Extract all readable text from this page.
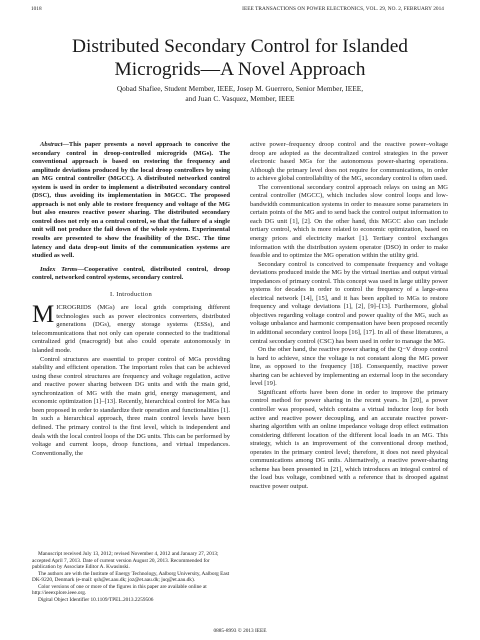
1018	IEEE TRANSACTIONS ON POWER ELECTRONICS, VOL. 29, NO. 2, FEBRUARY 2014
Distributed Secondary Control for Islanded
Microgrids—A Novel Approach
Qobad Shafiee, Student Member, IEEE, Josep M. Guerrero, Senior Member, IEEE,
and Juan C. Vasquez, Member, IEEE

Abstract—This paper presents a novel approach to conceive the secondary control in droop-controlled microgrids (MGs). The conventional approach is based on restoring the frequency and amplitude deviations produced by the local droop controllers by using an MG central controller (MGCC). A distributed networked control system is used in order to implement a distributed secondary control (DSC), thus avoiding its implementation in MGCC. The proposed approach is not only able to restore frequency and voltage of the MG but also ensures reactive power sharing. The distributed secondary control does not rely on a central control, so that the failure of a single unit will not produce the fail down of the whole system. Experimental results are presented to show the feasibility of the DSC. The time latency and data drop-out limits of the communication systems are studied as well.

Index Terms—Cooperative control, distributed control, droop control, networked control systems, secondary control.

I. Introduction

MICROGRIDS (MGs) are local grids comprising different technologies such as power electronics converters, distributed generations (DGs), energy storage systems (ESSs), and telecommunications that not only can operate connected to the traditional centralized grid (macrogrid) but also could operate autonomously in islanded mode.

Control structures are essential to proper control of MGs providing stability and efficient operation. The important roles that can be achieved using these control structures are frequency and voltage regulation, active and reactive power sharing between DG units and with the main grid, synchronization of MG with the main grid, energy management, and economic optimization [1]–[13]. Recently, hierarchical control for MGs has been proposed in order to standardize their operation and functionalities [1]. In such a hierarchical approach, three main control levels have been defined. The primary control is the first level, which is independent and deals with the local control loops of the DG units. This can be performed by voltage and current loops, droop functions, and virtual impedances. Conventionally, the

active power–frequency droop control and the reactive power–voltage droop are adopted as the decentralized control strategies in the power electronic based MGs for the autonomous power-sharing operations. Although the primary level does not require for communications, in order to achieve global controllability of the MG, secondary control is often used.

The conventional secondary control approach relays on using an MG central controller (MGCC), which includes slow control loops and low-bandwidth communication systems in order to measure some parameters in certain points of the MG and to send back the control output information to each DG unit [1], [2]. On the other hand, this MGCC also can include tertiary control, which is more related to economic optimization, based on energy prices and electricity market [1]. Tertiary control exchanges information with the distribution system operator (DSO) in order to make feasible and to optimize the MG operation within the utility grid.

Secondary control is conceived to compensate frequency and voltage deviations produced inside the MG by the virtual inertias and output virtual impedances of primary control. This concept was used in large utility power systems for decades in order to control the frequency of a large-area electrical network [14], [15], and it has been applied to MGs to restore frequency and voltage deviations [1], [2], [9]–[13]. Furthermore, global objectives regarding voltage control and power quality of the MG, such as voltage unbalance and harmonic compensation have been proposed recently in additional secondary control loops [16], [17]. In all of these literatures, a central secondary control (CSC) has been used in order to manage the MG.

On the other hand, the reactive power sharing of the Q−V droop control is hard to achieve, since the voltage is not constant along the MG power line, as opposed to the frequency [18]. Consequently, reactive power sharing can be achieved by implementing an external loop in the secondary level [19].

Significant efforts have been done in order to improve the primary control method for power sharing in the recent years. In [20], a power controller was proposed, which contains a virtual inductor loop for both active and reactive power decoupling, and an accurate reactive power-sharing algorithm with an online impedance voltage drop effect estimation considering different location of the different local loads in an MG. This strategy, which is an improvement of the conventional droop method, operates in the primary control level; therefore, it does not need physical communications among DG units. Alternatively, a reactive power-sharing scheme has been presented in [21], which introduces an integral control of the load bus voltage, combined with a reference that is drooped against reactive power output.

Manuscript received July 13, 2012; revised November 4, 2012 and January 27, 2013; accepted April 7, 2013. Date of current version August 20, 2013. Recommended for publication by Associate Editor A. Kwasinski.

The authors are with the Institute of Energy Technology, Aalborg University, Aalborg East DK-9220, Denmark (e-mail: qsh@et.aau.dk; joz@et.aau.dk; juq@et.aau.dk).

Color versions of one or more of the figures in this paper are available online at http://ieeexplore.ieee.org.

Digital Object Identifier 10.1109/TPEL.2013.2259506

0885-8993 © 2013 IEEE
